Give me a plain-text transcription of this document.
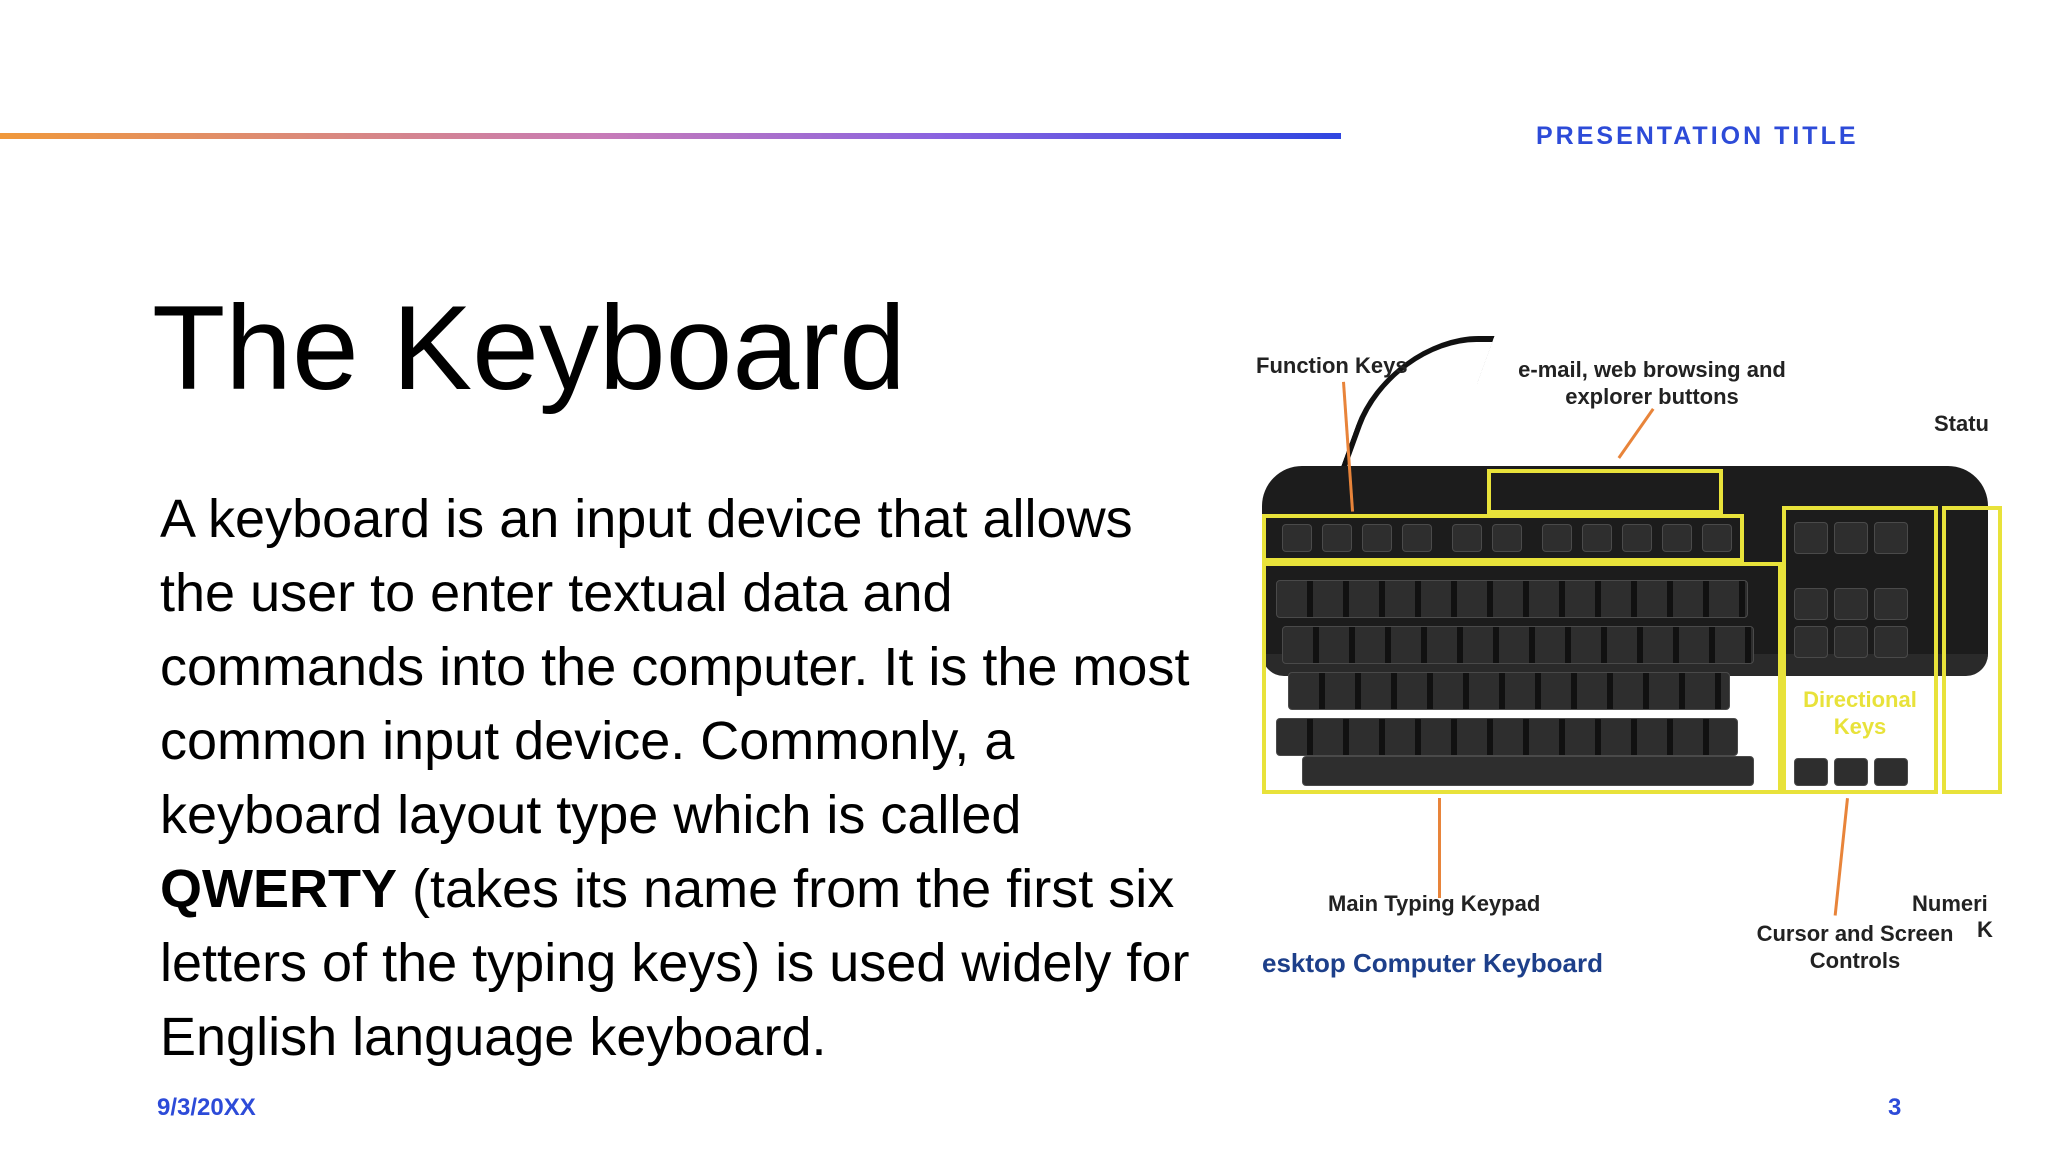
PRESENTATION TITLE
The Keyboard

A keyboard is an input device that allows the user to enter textual data and commands into the computer. It is the most common input device. Commonly, a keyboard layout type which is called QWERTY (takes its name from the first six letters of the typing keys) is used widely for English language keyboard.

Function Keys	e-mail, web browsing and
explorer buttons
Statu
Directional
Keys
Main Typing Keypad
Cursor and Screen
Controls
Numeri
K
esktop Computer Keyboard
9/3/20XX	3
